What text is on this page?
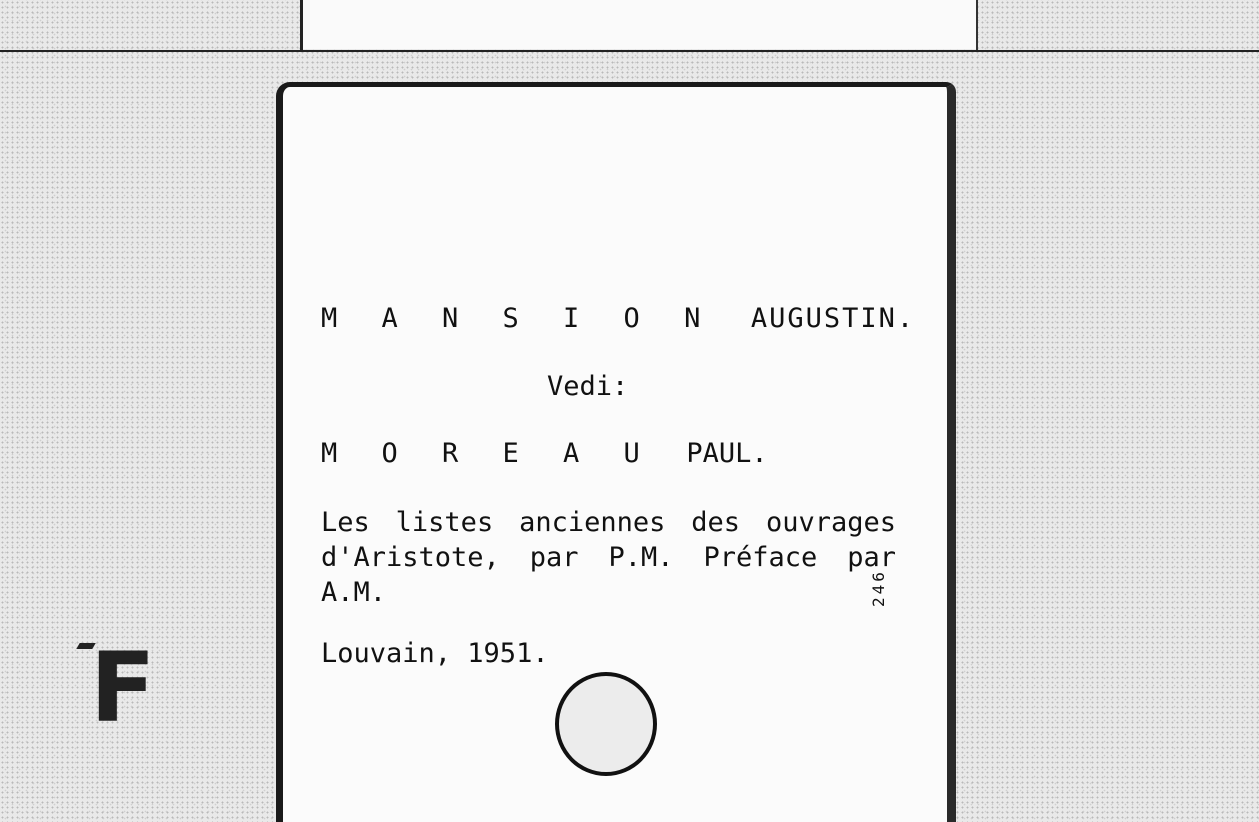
M A N S I O N AUGUSTIN.
Vedi:
M O R E A U PAUL.
Les listes anciennes des ouvrages d'Aristote, par P.M. Préface par A.M.
Louvain, 1951.
246
F
